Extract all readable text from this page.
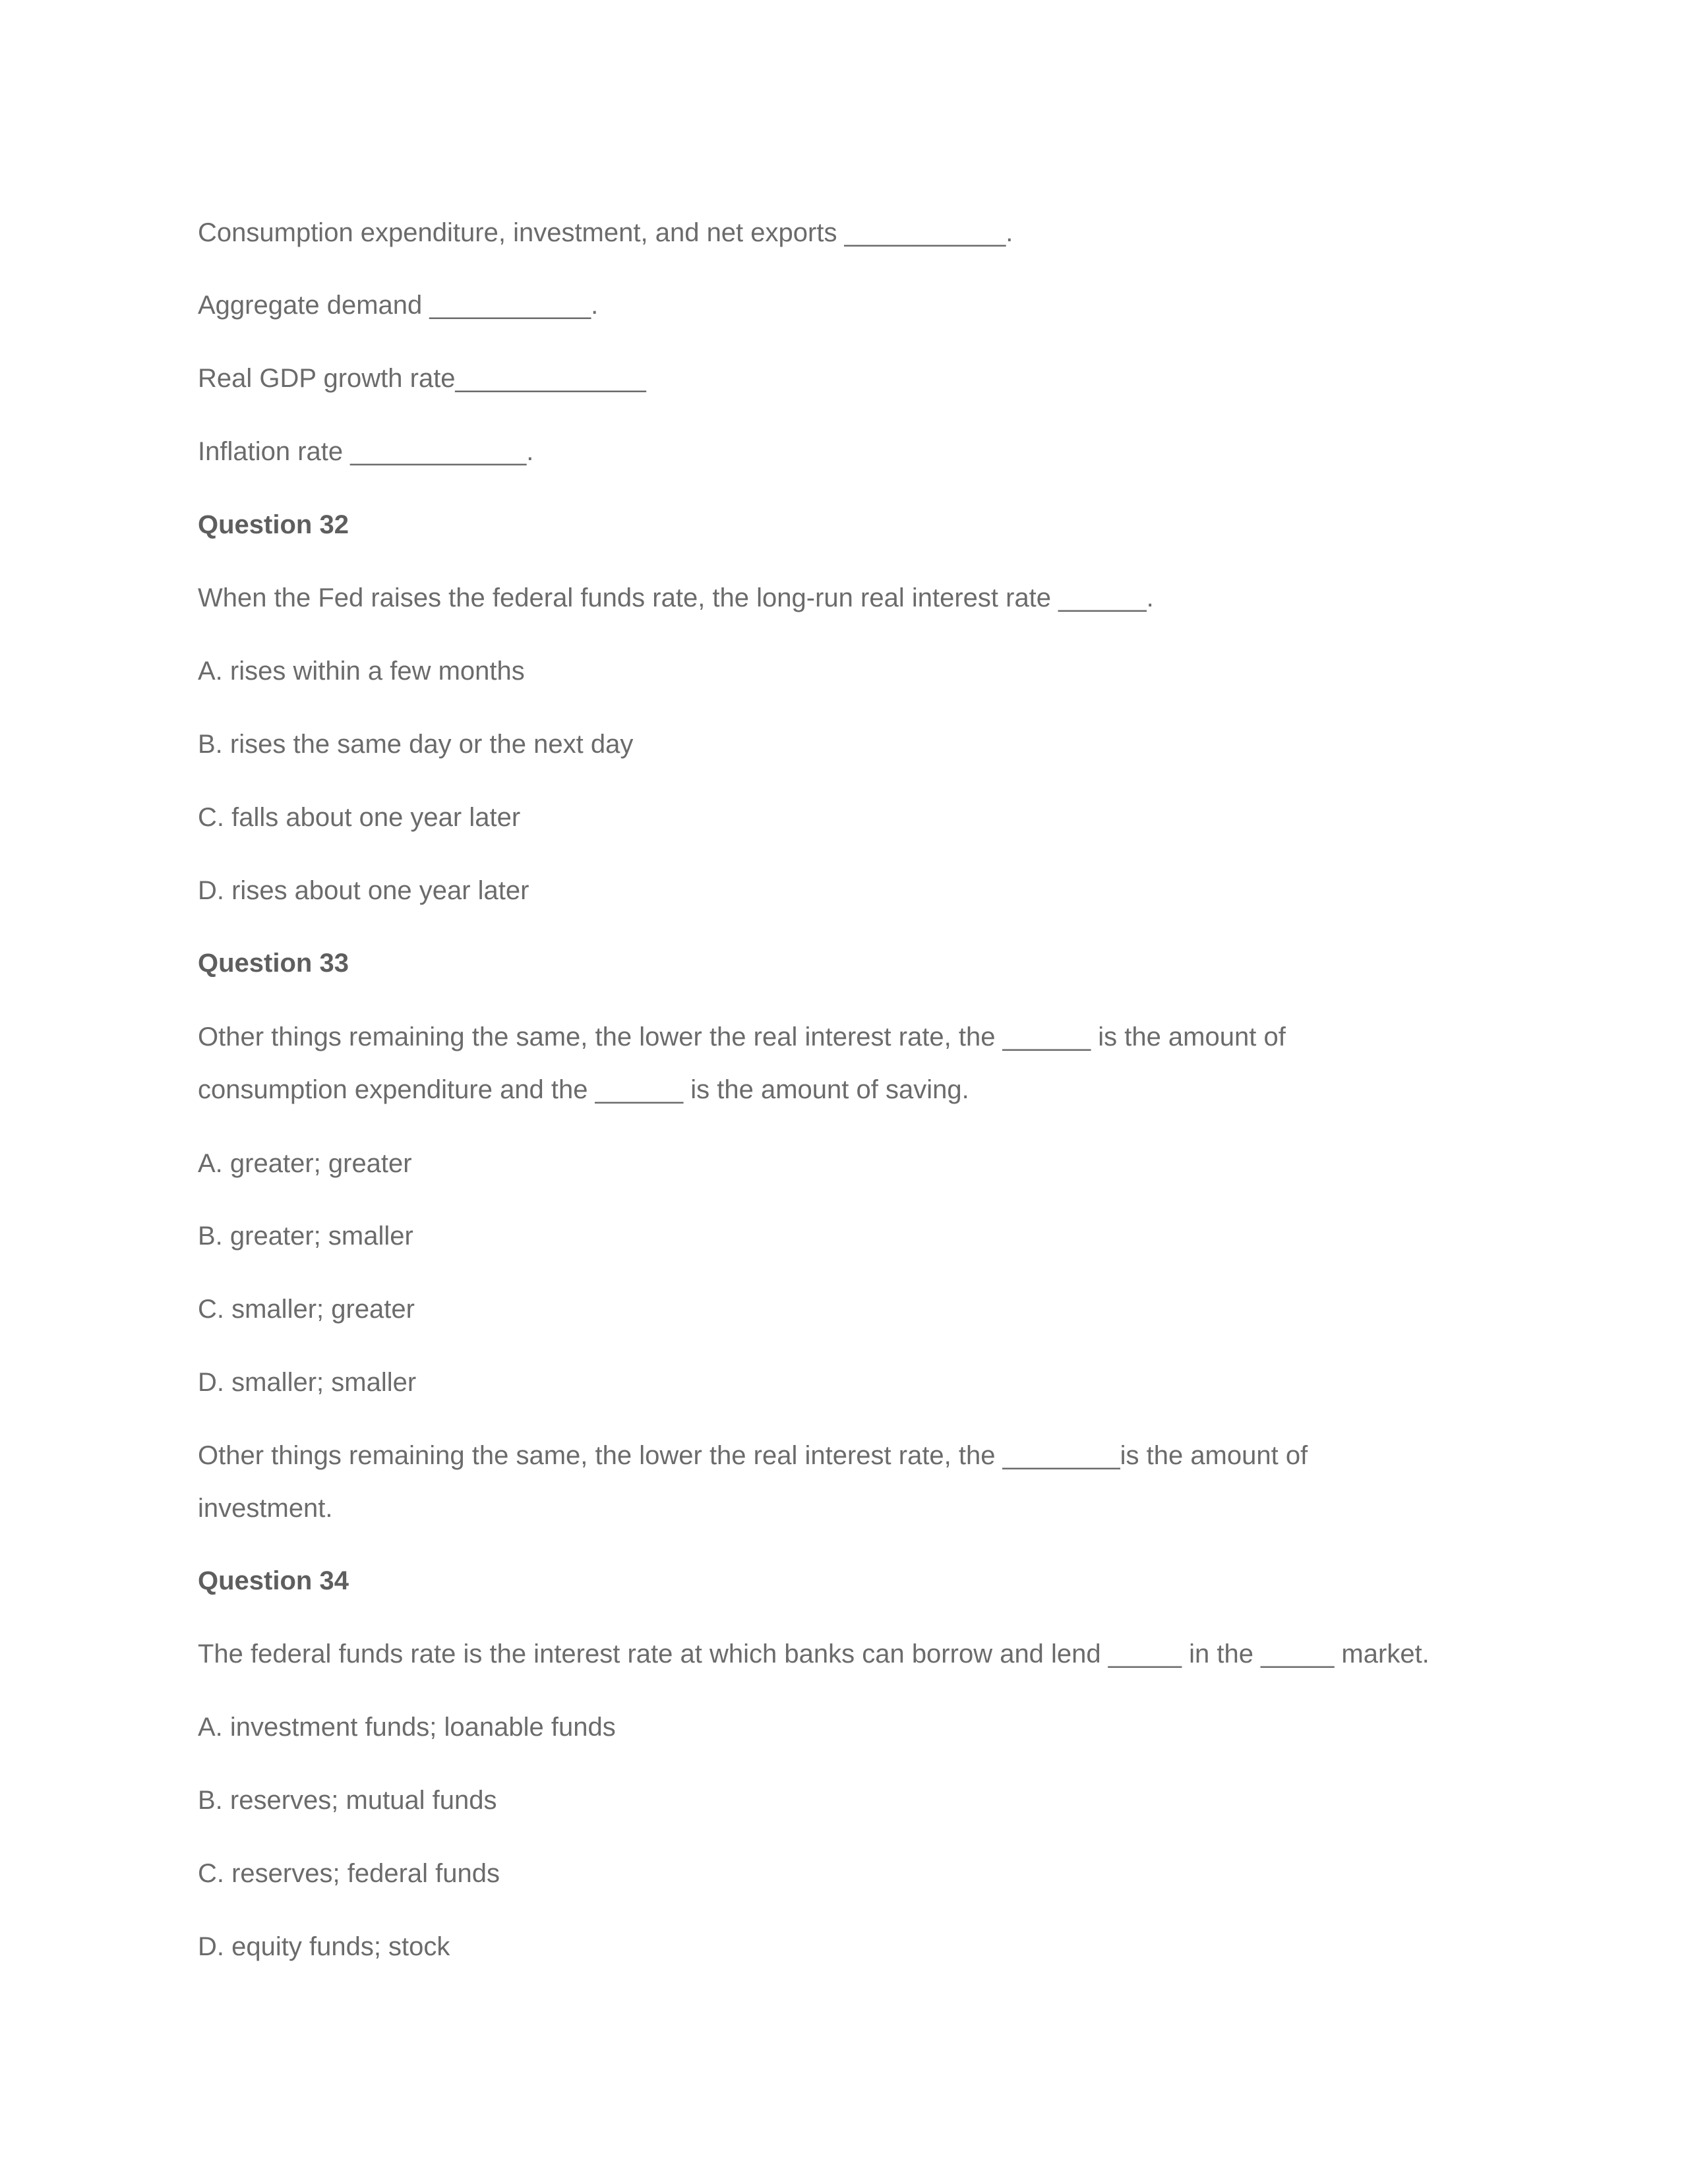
Consumption expenditure, investment, and net exports ___________.
Aggregate demand ___________.
Real GDP growth rate_____________
Inflation rate ____________.
Question 32
When the Fed raises the federal funds rate, the long-run real interest rate ______.
A. rises within a few months
B. rises the same day or the next day
C. falls about one year later
D. rises about one year later
Question 33
Other things remaining the same, the lower the real interest rate, the ______ is the amount of
consumption expenditure and the ______ is the amount of saving.
A. greater; greater
B. greater; smaller
C. smaller; greater
D. smaller; smaller
Other things remaining the same, the lower the real interest rate, the ________is the amount of
investment.
Question 34
The federal funds rate is the interest rate at which banks can borrow and lend _____ in the _____ market.
A. investment funds; loanable funds
B. reserves; mutual funds
C. reserves; federal funds
D. equity funds; stock
